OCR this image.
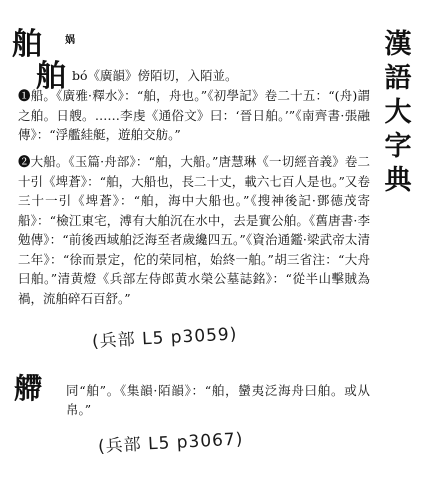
舶 娲
舶
漢
語
大
字
典
bó《廣韻》傍陌切，入陌並。
❶船。《廣雅·釋水》：“舶，舟也。”《初學記》卷二十五：“(舟)謂之舶。日艘。……李虔《通俗文》曰：‘晉日舶。’”《南齊書·張融傳》：“浮艦絓艇，遊舶交舫。”
❷大船。《玉篇·舟部》：“舶，大船。”唐慧琳《一切經音義》卷二十引《埤蒼》：“舶，大船也，長二十丈，載六七百人是也。”又卷三十一引《埤蒼》：“舶，海中大船也。”《搜神後記·鄧德茂寄船》：“檢江東宅，溥有大舶沉在水中，去是實公舶。《舊唐書·李勉傳》：“前後西域舶泛海至者歲纔四五。”《資治通鑑·梁武帝太清二年》：“徐而景定，佗的荣同棺，始終一舶。”胡三省注：“大舟曰舶。”清黄燈《兵部左侍郎黄水榮公墓誌銘》：“從半山擊賊為禍，流舶碎石百舒。”
(兵部 L5 p3059)
艜 同“舶”。《集韻·陌韻》：“舶，蠻夷泛海舟曰舶。或从帛。”
(兵部 L5 p3067)
